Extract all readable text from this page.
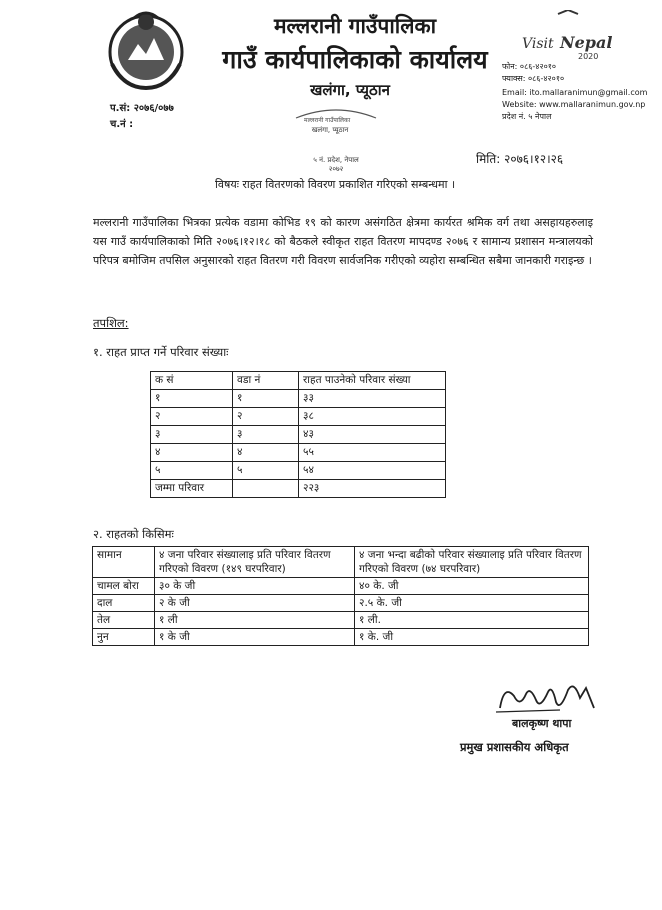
मल्लरानी गाउँपालिका
गाउँ कार्यपालिकाको कार्यालय
खलंगा, प्यूठान
Visit Nepal
2020
फोन: ०८६-४२०१०
फ्याक्स: ०८६-४२०१०
Email: ito.mallaranimun@gmail.com
Website: www.mallaranimun.gov.np
प्रदेश नं. ५ नेपाल
प.सं: २०७६/०७७
च.नं :	मल्लरानी गाउँपालिका
खलंगा, प्यूठान
५ नं. प्रदेश, नेपाल
२०७२
मिति: २०७६।१२।२६
विषयः राहत वितरणको विवरण प्रकाशित गरिएको सम्बन्धमा ।
मल्लरानी गाउँपालिका भित्रका प्रत्येक वडामा कोभिड १९ को कारण असंगठित क्षेत्रमा कार्यरत श्रमिक वर्ग तथा असहायहरुलाइ यस गाउँ कार्यपालिकाको मिति २०७६।१२।१८ को बैठकले स्वीकृत राहत वितरण मापदण्ड २०७६ र सामान्य प्रशासन मन्त्रालयको परिपत्र बमोजिम तपसिल अनुसारको राहत वितरण गरी विवरण सार्वजनिक गरीएको व्यहोरा सम्बन्धित सबैमा जानकारी गराइन्छ ।
तपशिल:
१. राहत प्राप्त गर्ने परिवार संख्याः
क सं	वडा नं	राहत पाउनेको परिवार संख्या
१	१	३३
२	२	३८
३	३	४३
४	४	५५
५	५	५४
जम्मा परिवार		२२३
२. राहतको किसिमः
सामान	४ जना परिवार संख्यालाइ प्रति परिवार वितरण गरिएको विवरण (१४९ घरपरिवार)	४ जना भन्दा बढीको परिवार संख्यालाइ प्रति परिवार वितरण गरिएको विवरण (७४ घरपरिवार)
चामल बोरा	३० के जी	४० के. जी
दाल	२ के जी	२.५ के. जी
तेल	१ ली	१ ली.
नुन	१ के जी	१ के. जी
बालकृष्ण थापा
प्रमुख प्रशासकीय अधिकृत
